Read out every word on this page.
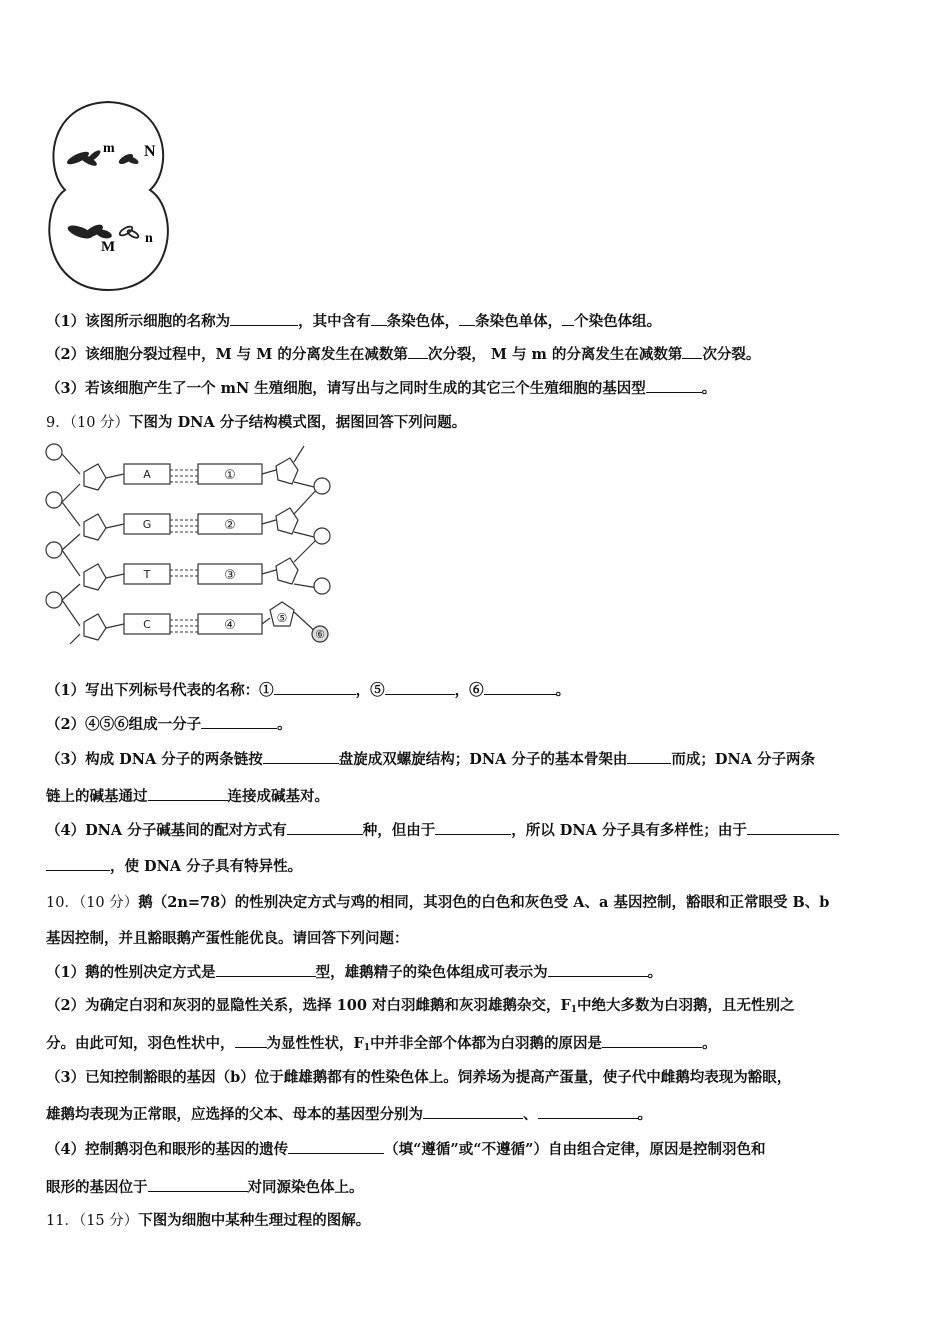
m N
M
n
（1）该图所示细胞的名称为	，其中含有 条染色体， 条染色单体， 个染色体组。
（2）该细胞分裂过程中，M 与 M 的分离发生在减数第 次分裂， M 与 m 的分离发生在减数第 次分裂。
（3）若该细胞产生了一个 mN 生殖细胞，请写出与之同时生成的其它三个生殖细胞的基因型	。
9．（10 分）下图为 DNA 分子结构模式图，据图回答下列问题。
A
G
T
C
①
②
③
④	⑤
⑥
（1）写出下列标号代表的名称：①	，⑤	，⑥	。
（2）④⑤⑥组成一分子	。
（3）构成 DNA 分子的两条链按	盘旋成双螺旋结构；DNA 分子的基本骨架由	而成；DNA 分子两条
链上的碱基通过	连接成碱基对。
（4）DNA 分子碱基间的配对方式有	种，但由于	，所以 DNA 分子具有多样性；由于
，使 DNA 分子具有特异性。
10．（10 分）鹅（2n=78）的性别决定方式与鸡的相同，其羽色的白色和灰色受 A、a 基因控制，豁眼和正常眼受 B、b
基因控制，并且豁眼鹅产蛋性能优良。请回答下列问题：
（1）鹅的性别决定方式是	型，雄鹅精子的染色体组成可表示为	。
（2）为确定白羽和灰羽的显隐性关系，选择 100 对白羽雌鹅和灰羽雄鹅杂交，$F_1$中绝大多数为白羽鹅，且无性别之
分。由此可知，羽色性状中， 为显性性状，$F_1$中并非全部个体都为白羽鹅的原因是	。
（3）已知控制豁眼的基因（b）位于雌雄鹅都有的性染色体上。饲养场为提高产蛋量，使子代中雌鹅均表现为豁眼，
雄鹅均表现为正常眼，应选择的父本、母本的基因型分别为	、	。
（4）控制鹅羽色和眼形的基因的遗传	（填“遵循”或“不遵循”）自由组合定律，原因是控制羽色和
眼形的基因位于	对同源染色体上。
11．（15 分）下图为细胞中某种生理过程的图解。
